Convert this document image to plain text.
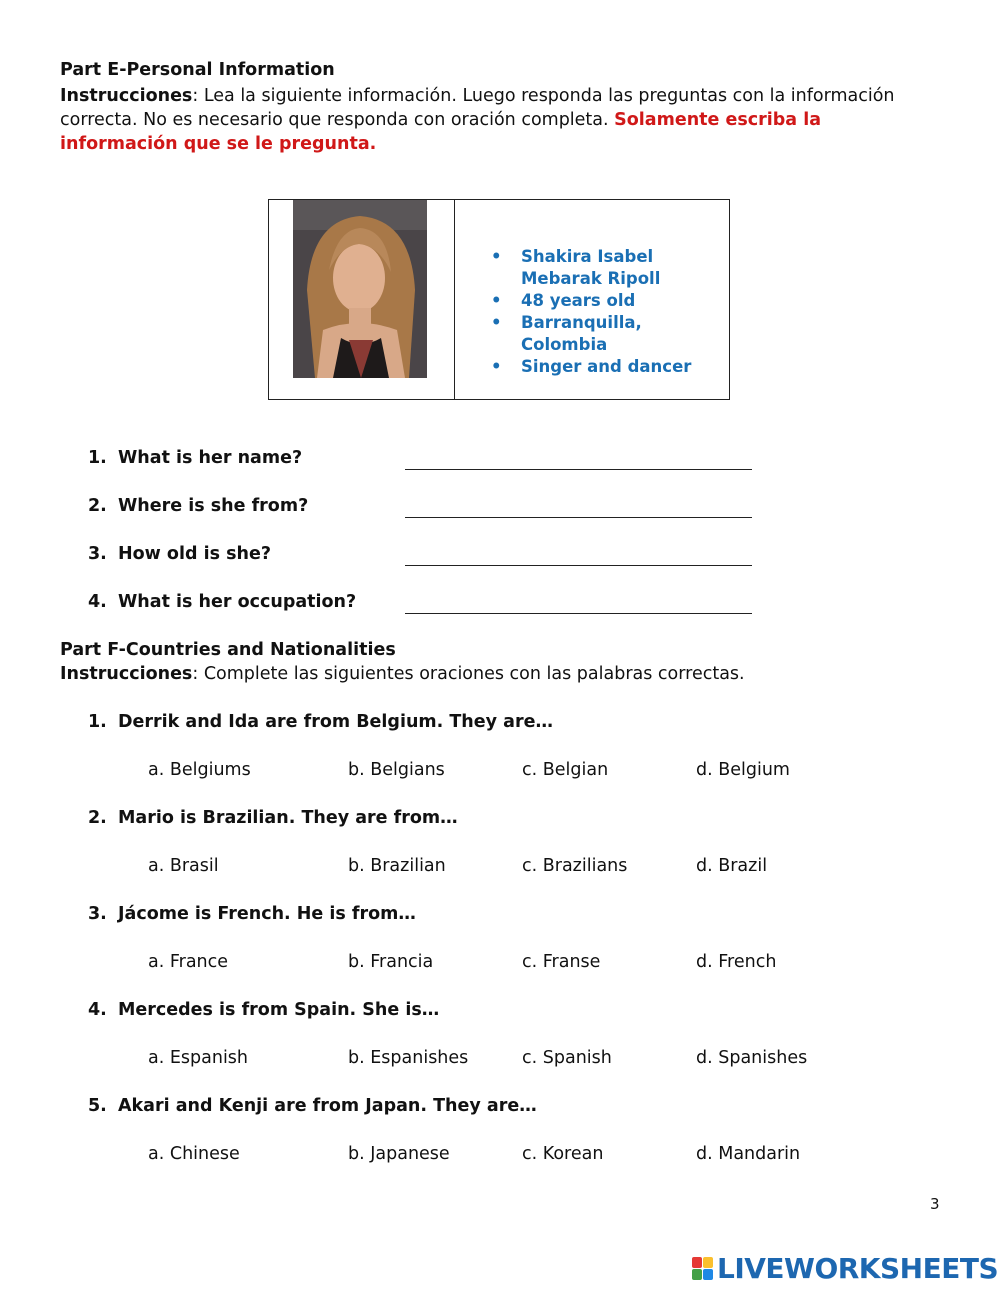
Part E-Personal Information
Instrucciones: Lea la siguiente información. Luego responda las preguntas con la información correcta. No es necesario que responda con oración completa. Solamente escriba la información que se le pregunta.
• Shakira Isabel Mebarak Ripoll
• 48 years old
• Barranquilla, Colombia
• Singer and dancer
1. What is her name?
2. Where is she from?
3. How old is she?
4. What is her occupation?
Part F-Countries and Nationalities
Instrucciones: Complete las siguientes oraciones con las palabras correctas.
1. Derrik and Ida are from Belgium. They are…
a. Belgiums	b. Belgians	c. Belgian	d. Belgium
2. Mario is Brazilian. They are from…
a. Brasil	b. Brazilian	c. Brazilians	d. Brazil
3. Jácome is French. He is from…
a. France	b. Francia	c. Franse	d. French
4. Mercedes is from Spain. She is…
a. Espanish	b. Espanishes	c. Spanish	d. Spanishes
5. Akari and Kenji are from Japan. They are…
a. Chinese	b. Japanese	c. Korean	d. Mandarin
3
LIVEWORKSHEETS
